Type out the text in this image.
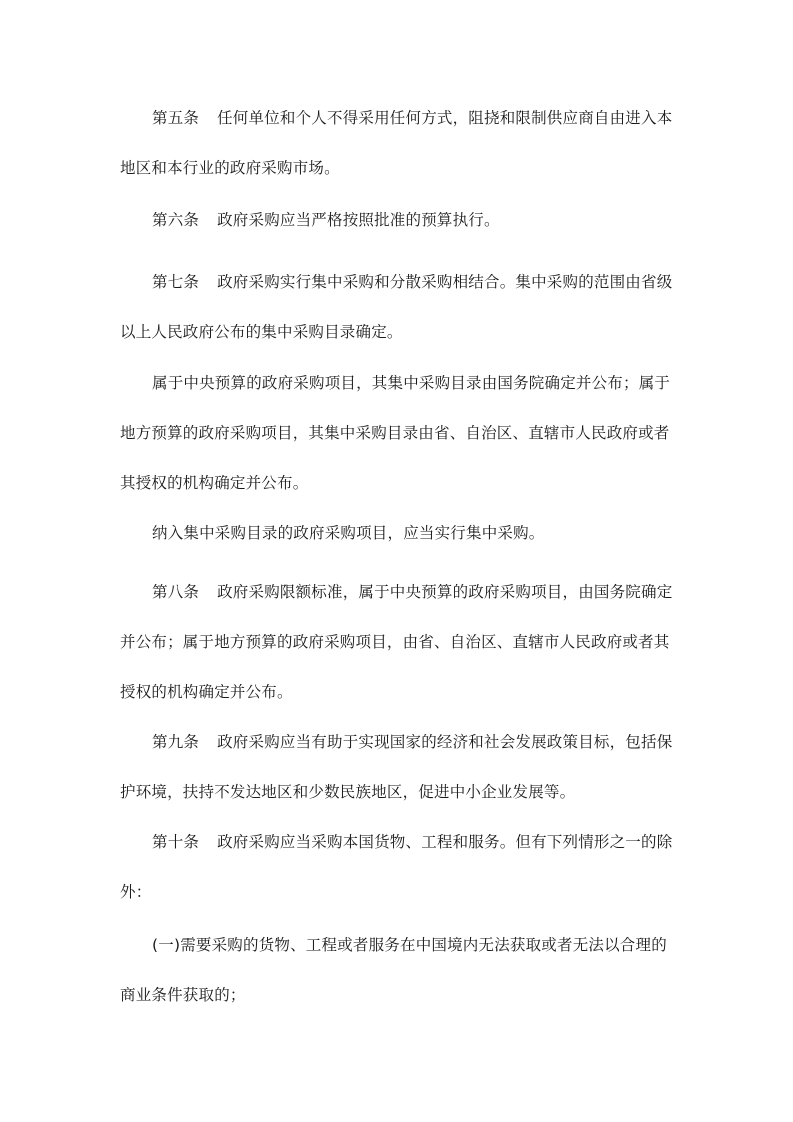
第五条 任何单位和个人不得采用任何方式，阻挠和限制供应商自由进入本地区和本行业的政府采购市场。
第六条 政府采购应当严格按照批准的预算执行。
第七条 政府采购实行集中采购和分散采购相结合。集中采购的范围由省级以上人民政府公布的集中采购目录确定。
属于中央预算的政府采购项目，其集中采购目录由国务院确定并公布；属于地方预算的政府采购项目，其集中采购目录由省、自治区、直辖市人民政府或者其授权的机构确定并公布。
纳入集中采购目录的政府采购项目，应当实行集中采购。
第八条 政府采购限额标准，属于中央预算的政府采购项目，由国务院确定并公布；属于地方预算的政府采购项目，由省、自治区、直辖市人民政府或者其授权的机构确定并公布。
第九条 政府采购应当有助于实现国家的经济和社会发展政策目标，包括保护环境，扶持不发达地区和少数民族地区，促进中小企业发展等。
第十条 政府采购应当采购本国货物、工程和服务。但有下列情形之一的除外：
(一)需要采购的货物、工程或者服务在中国境内无法获取或者无法以合理的商业条件获取的；
